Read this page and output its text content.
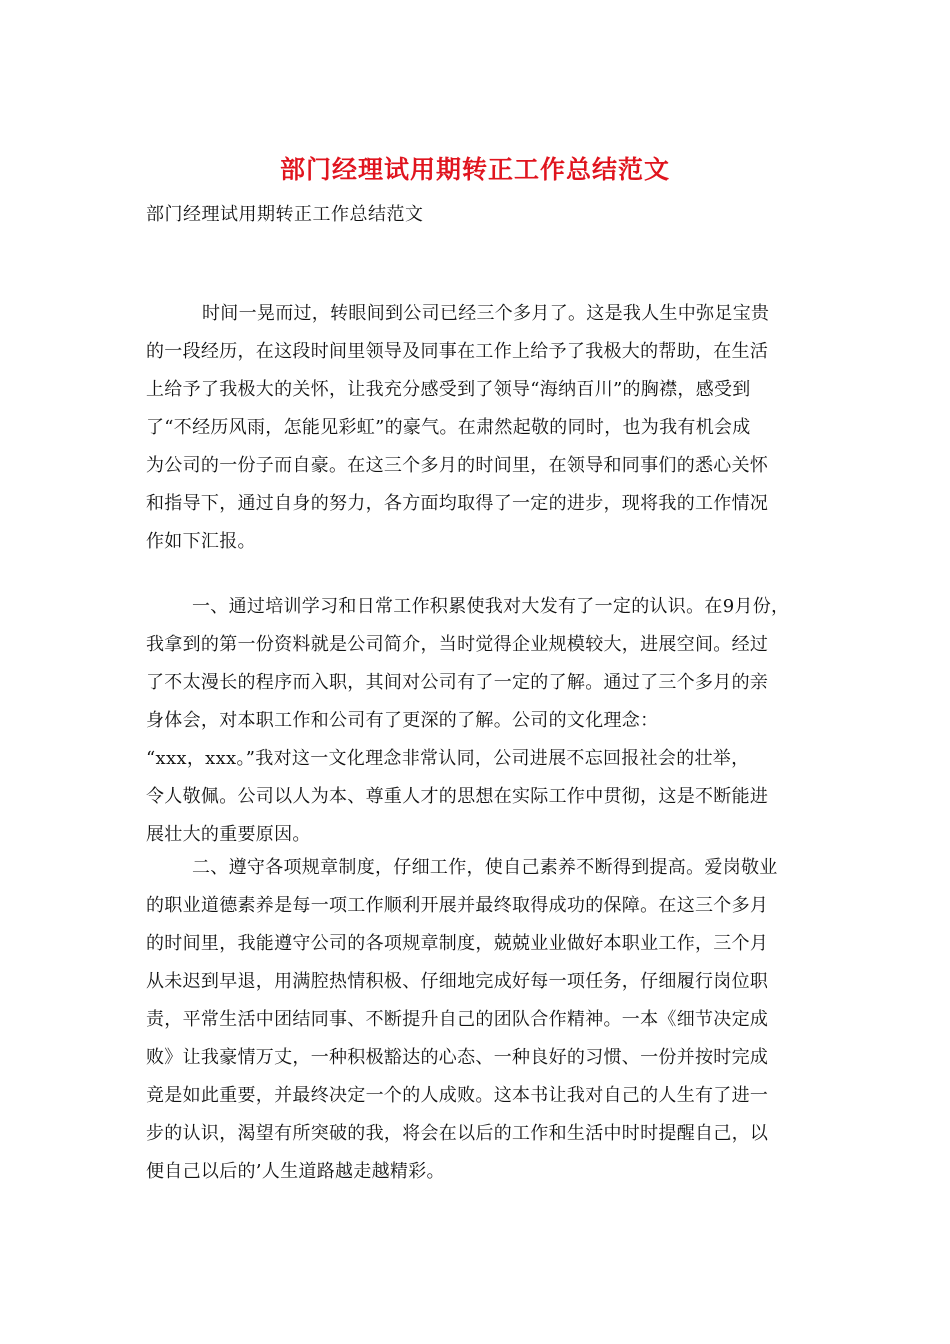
部门经理试用期转正工作总结范文
部门经理试用期转正工作总结范文
时间一晃而过，转眼间到公司已经三个多月了。这是我人生中弥足宝贵
的一段经历，在这段时间里领导及同事在工作上给予了我极大的帮助，在生活
上给予了我极大的关怀，让我充分感受到了领导“海纳百川”的胸襟，感受到
了“不经历风雨，怎能见彩虹”的豪气。在肃然起敬的同时，也为我有机会成
为公司的一份子而自豪。在这三个多月的时间里，在领导和同事们的悉心关怀
和指导下，通过自身的努力，各方面均取得了一定的进步，现将我的工作情况
作如下汇报。
一、通过培训学习和日常工作积累使我对大发有了一定的认识。在9月份，
我拿到的第一份资料就是公司简介，当时觉得企业规模较大，进展空间。经过
了不太漫长的程序而入职，其间对公司有了一定的了解。通过了三个多月的亲
身体会，对本职工作和公司有了更深的了解。公司的文化理念：
“xxx，xxx。”我对这一文化理念非常认同，公司进展不忘回报社会的壮举，
令人敬佩。公司以人为本、尊重人才的思想在实际工作中贯彻，这是不断能进
展壮大的重要原因。
二、遵守各项规章制度，仔细工作，使自己素养不断得到提高。爱岗敬业
的职业道德素养是每一项工作顺利开展并最终取得成功的保障。在这三个多月
的时间里，我能遵守公司的各项规章制度，兢兢业业做好本职业工作，三个月
从未迟到早退，用满腔热情积极、仔细地完成好每一项任务，仔细履行岗位职
责，平常生活中团结同事、不断提升自己的团队合作精神。一本《细节决定成
败》让我豪情万丈，一种积极豁达的心态、一种良好的习惯、一份并按时完成
竟是如此重要，并最终决定一个的人成败。这本书让我对自己的人生有了进一
步的认识，渴望有所突破的我，将会在以后的工作和生活中时时提醒自己，以
便自己以后的’人生道路越走越精彩。
